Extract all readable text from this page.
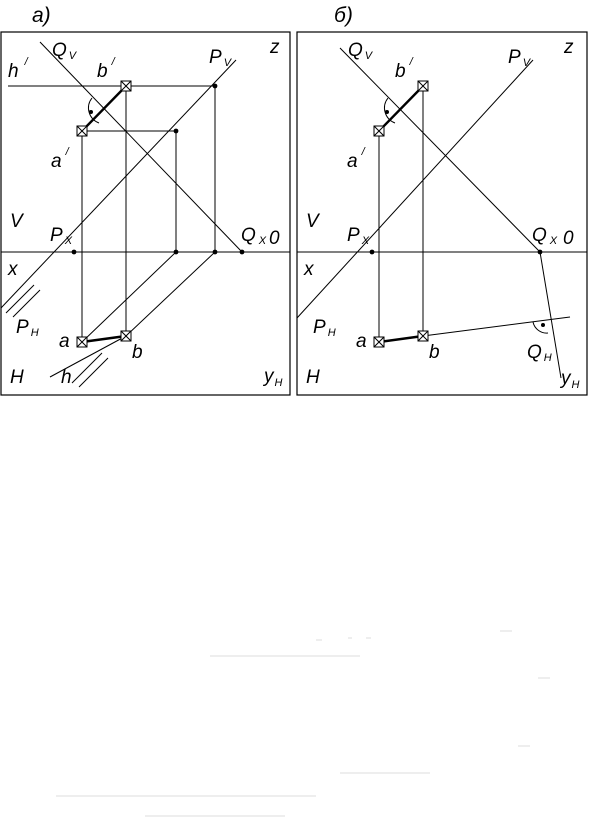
а)
Q V
b /	P V
z
h /
a /
V
P X	Q X 0
x
P H a
b
H h	$y_H$
б)
Q V
b /	P V
z
a /
V
P X	Q X 0
x
P H a
b	Q H
H	$y_H$
